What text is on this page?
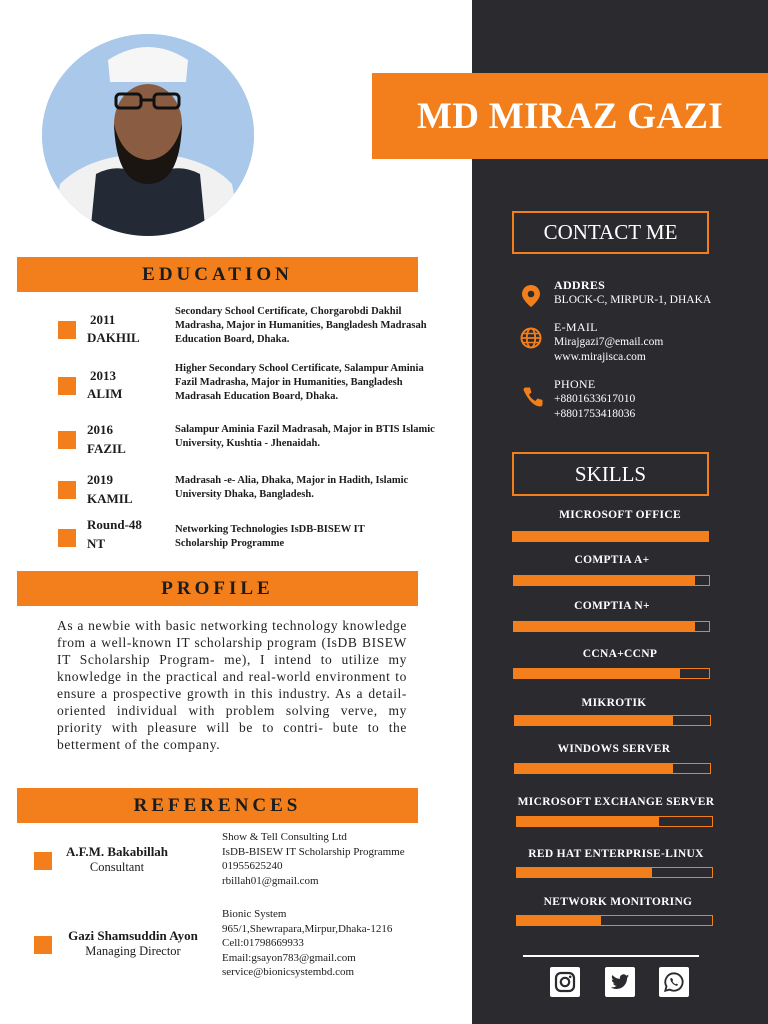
MD MIRAZ GAZI
EDUCATION
2011
DAKHIL
Secondary School Certificate, Chorgarobdi Dakhil Madrasha, Major in Humanities, Bangladesh Madrasah Education Board, Dhaka.
2013
ALIM
Higher Secondary School Certificate, Salampur Aminia Fazil Madrasha, Major in Humanities, Bangladesh Madrasah Education Board, Dhaka.
2016
FAZIL
Salampur Aminia Fazil Madrasah, Major in BTIS Islamic University, Kushtia - Jhenaidah.
2019
KAMIL
Madrasah -e- Alia, Dhaka, Major in Hadith, Islamic University Dhaka, Bangladesh.
Round-48
NT
Networking Technologies IsDB-BISEW IT Scholarship Programme
PROFILE
As a newbie with basic networking technology knowledge from a well-known IT scholarship program (IsDB BISEW IT Scholarship Program- me), I intend to utilize my knowledge in the practical and real-world environment to ensure a prospective growth in this industry. As a detail-oriented individual with problem solving verve, my priority with pleasure will be to contri- bute to the betterment of the company.
REFERENCES
A.F.M. Bakabillah
Consultant
Show & Tell Consulting Ltd
IsDB-BISEW IT Scholarship Programme
01955625240
rbillah01@gmail.com
Gazi Shamsuddin Ayon
Managing Director
Bionic System
965/1,Shewrapara,Mirpur,Dhaka-1216
Cell:01798669933
Email:gsayon783@gmail.com
service@bionicsystembd.com
CONTACT ME
ADDRES
BLOCK-C, MIRPUR-1, DHAKA
E-MAIL
Mirajgazi7@email.com
www.mirajisca.com
PHONE
+8801633617010
+8801753418036
SKILLS
MICROSOFT OFFICE
COMPTIA A+
COMPTIA N+
CCNA+CCNP
MIKROTIK
WINDOWS SERVER
MICROSOFT EXCHANGE SERVER
RED HAT ENTERPRISE-LINUX
NETWORK MONITORING
